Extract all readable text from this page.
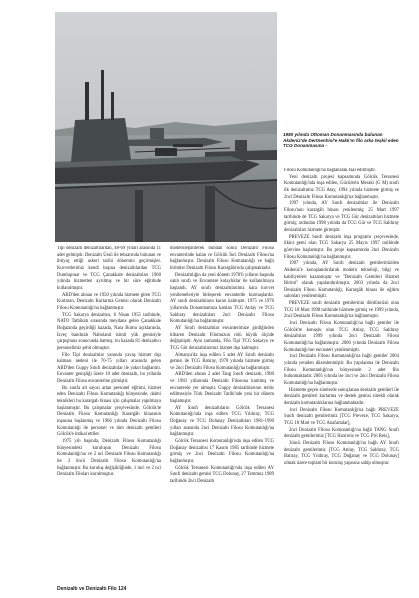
1980 yılında Ottoman Donanmasında bulunan Akdeniz'de Dertnenhisl'e Hakk'ın filo arka teşkil eden TCG Donanmasına -

Tipi denizaltı denizaltılardan, 48-69 yılları arasında 11 adet gelmiştir. Denizaltı Üssü ile tehsarında bulunan ve ihtiyaç ettiği askeri tarihi dönemini geçirmişler. Kuvvetlerimiz kendi başına denizaltılardan TCG Dumlupınar ve TCG Çanakkale denizaltıları 1960 yılında hizmetten ayrılmış ve bir süre eğitimde kullanılmıştır.

ABD'den alınan ve 1950 yılında hizmete giren TCG Kurtaran, Denizaltı Kurtarma Gemisi olarak Denizaltı Filosu Komutanlığı'na bağlanmıştır.

TCG Sakarya denizaltısı, 6 Nisan 1955 tarihinde, NATO Tatbikatı sırasında meydana gelen Çanakkale Boğazında geçirdiği kazada, Nara Burnu açıklarında, İsveç bandıralı Naboland isimli yük gemisiyle çarpışması sonucunda batmış; bu kazada 81 denizaltıcı personelimiz şehit olmuştur.

Filo Tipi denizaltılar yanında yavaş hizmet dışı kalması nedeni ile 70-75 yılları arasında gelen ABD'den Guppy Sınıfı denizaltılar ile yakın bağlantılı. Envanter genişliği üzere 10 adet denizaltı, bu yıllarda Denizaltı Filosu envanterine girmiştir.

Bu sınıfa ait sayısı artan personel eğitimi, hizmet eden Denizaltı Filosu Komutanlığı bünyesinde, daimi teknikleri bu karargah binası için çalışmalar yapılmaya başlanmıştır. Bu çalışmalar çerçevesinde, Gölcük'te Denizaltı Filosu Komutanlığı Karargâh binasının inşasına başlanmış ve 1966 yılında Denizaltı Filosu Komutanlığı ile personel ve tüm denizaltı gemileri Gölcük'e intikal ettiler.

1975 yılı başında, Denizaltı Filosu Komutanlığı bünyesindeki kuruluşun Denizaltı Filosu Komutanlığı'na ve 2 nci Denizaltı Filosu Komutanlığı ile 3 üncü Denizaltı Filosu Komutanlığı'na bağlanmıştır. Bu kuruluş değişikliğinde, 1 inci ve 2 nci Denizaltı Filoları kurulmuştur.

modernleştirilerek bundan sonra Denizaltı Filosu envanterinde kalan ve Gölcük İnci Denizaltı Filosu'na bağlanmıştır. Denizaltı Filosu Komutanlığı ve bağlı birimler Denizaltı Filosu Karargâhı'nda çalışmaktadır.

Denizaltılığın da yeni dönem 1970'li yılların başında satılı sınıfı ve Envantere kolaylıklar ile kullanılmaya başlandı. AY sınıfı denizaltılarımız kara kuvvet yenilemeleriyle birleşerek envanterde kurmuşlardır. AY sınıfı denizaltıların kararı kalmıştır. 1975 ve 1976 yıllarında Donanmamıza katılan TCG Atılay ve TCG Saldıray denizaltıları 2nci Denizaltı Filosu Komutanlığı'na bağlanmıştır.

AY Sınıfı denizaltılar envanterimize girdiğinden itibaren Denizaltı Filomuzun rolü büyük ölçüde değişmiştir. Aynı zamanda, Filo Tipi TCG Sakarya ve TCG Gür denizaltılarımız hizmet dışı kalmıştır.

Almanya'da inşa edilen 5 adet AY Sınıfı denizaltı gemisi ile TCG Batıray, 1978 yılında hizmete girmiş ve 2nci Denizaltı Filosu Komutanlığı'na bağlanmıştır.

ABD'den alınan 2 adet Tang Sınıfı denizaltı, 1980 ve 1983 yıllarında Denizaltı Filosuna katılmış ve envanterde yer almıştır. Guppy denizaltılarının terhis edilmesiyle Türk Denizaltı Tarihi'nde yeni bir dönem başlamıştır.

AY Sınıfı denizaltıların Gölcük Tersanesi Komutanlığı'nda inşa edilen TCG Yıldıray, TCG Doğanay ve TCG Dolunay Denizaltıları 1981-1990 yılları arasında 2nci Denizaltı Filosu Komutanlığı'na bağlanmıştır.

Gölcük Tersanesi Komutanlığı'nda inşa edilen TCG Doğanay denizaltısı 17 Kasım 1985 tarihinde hizmete girmiş ve 2nci Denizaltı Filosu Komutanlığı'na bağlanmıştır.

Gölcük Tersanesi Komutanlığı'nda inşa edilen AY Sınıfı denizaltı gemisi TCG Dolunay, 27 Temmuz 1989 tarihinde 2nci Denizaltı

Filosu Komutanlığı'na bağlanarak faal edilmiştir.

Yeni denizaltı projesi kapsamında Gölcük Tersanesi Komutanlığı'nda inşa edilen, Gücülerin Meraki (G M) sınıfı ilk denizaltımız TCG Atay, 1994 yılında hizmete girmiş ve 2nci Denizaltı Filosu Komutanlığı'na bağlanmıştır.

1997 yılında, AY Sınıfı denizaltılar ile Denizaltı Filosu'nun karargâh binası yenilenmiş; 25 Mart 1997 tarihinde de TCG Sakarya ve TCG Gür denizaltıları hizmete girmiş; ardından 1998 yılında da TCG Gür ve TCG Saldıray denizaltıları hizmete girmiştir.

PREVEZE Sınıfı denizaltı inşa programı çerçevesinde, ilkini gemi olan TCG Sakarya 25 Mayıs 1997 tarihinde görevine başlamıştır. Bu proje kapsamında 2nci Denizaltı Filosu Komutanlığı'na bağlanmıştır.

1997 yılında, AY Sınıfı denizaltı gemilerimizden Akdeniz'e konuşlandırılarak modern teknoloji, bilgi ve kabiliyetleri kazanmıştır ve "Denizaltı Gemileri Hizmet Birimi" olarak yapılandırılmıştır. 2003 yılında da 2nci Denizaltı Filosu Komutanlığı, Karargâh binası ile eğitim salonları yenilenmiştir.

PREVEZE sınıfı denizaltı gemilerinin dördüncüsü olan TCG 18 Mart 1998 tarihinde hizmete girmiş ve 1999 yılında, 2nci Denizaltı Filosu Komutanlığı'na bağlanmıştır.

1nci Denizaltı Filosu Komutanlığı'na bağlı gemiler ile Gölcük'te konuşlu olan TCG Atılay, TCG Saldıray denizaltıları 1999 yılında 2nci Denizaltı Filosu Komutanlığı'na bağlanmıştır. 2000 yılında Denizaltı Filosu Komutanlığı'nın envanteri yenilenmiştir.

1nci Denizaltı Filosu Komutanlığı'na bağlı gemiler 2004 yılında yeniden düzenlenmiştir. Bu yapılanma ile Denizaltı Filosu Komutanlığı'nın bünyesinde 2 adet filo bulunmaktadır. 2005 yılında ise 1nci ve 2nci Denizaltı Filosu Komutanlığı'na bağlanmıştır.

Hizmette geçen sürelerde sonuçlanan denizaltı gemileri ile denizaltı gemileri kurtarma ve destek gemisi sürekli olarak denizaltı komutanlıklarına bağlanmaktadır.

1nci Denizaltı Filosu Komutanlığı'na bağlı PREVEZE Sınıfı denizaltı gemilerimiz [TCG Preveze, TCG Sakarya, TCG 18 Mart ve TCG Anafartalar],

2nci Denizaltı Filosu Komutanlığı'na bağlı TANG Sınıfı denizaltı gemilerimiz [TCG Hızırreis ve TCG Piri Reis],

3üncü Denizaltı Filosu Komutanlığı'na bağlı AY Sınıfı denizaltı gemilerimiz [TCG Atılay, TCG Saldıray, TCG Batıray, TCG Yıldıray, TCG Doğanay ve TCG Dolunay] olmak üzere toplam bir kuruluş yapısına sahip olmuştur.

Denizaltı ve Denizaltı Filo 124
